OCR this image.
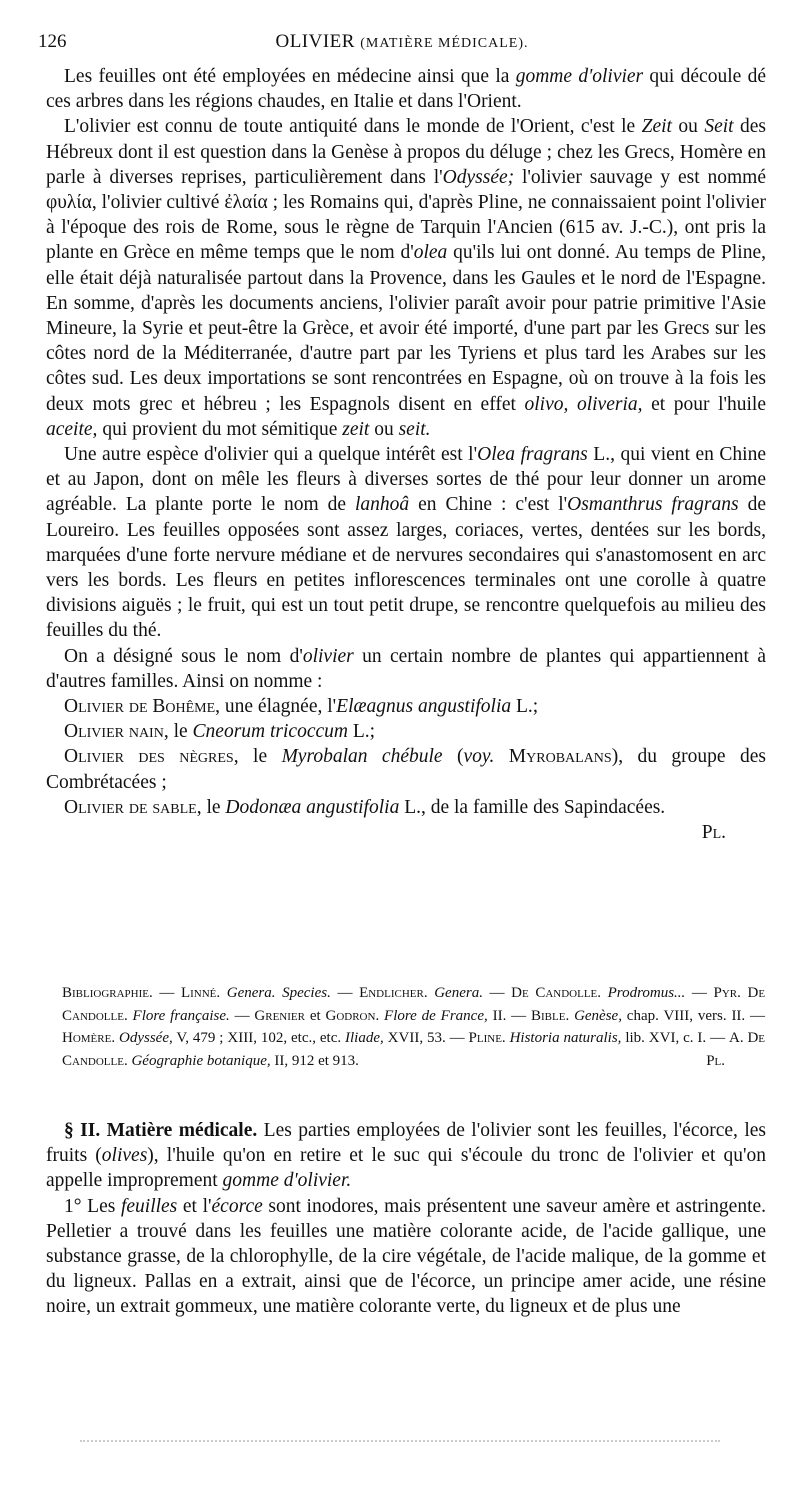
126	OLIVIER (MATIÈRE MÉDICALE).

Les feuilles ont été employées en médecine ainsi que la gomme d'olivier qui découle dé ces arbres dans les régions chaudes, en Italie et dans l'Orient.

L'olivier est connu de toute antiquité dans le monde de l'Orient, c'est le Zeit ou Seit des Hébreux dont il est question dans la Genèse à propos du déluge ; chez les Grecs, Homère en parle à diverses reprises, particulièrement dans l'Odyssée; l'olivier sauvage y est nommé φυλία, l'olivier cultivé ἐλαία ; les Romains qui, d'après Pline, ne connaissaient point l'olivier à l'époque des rois de Rome, sous le règne de Tarquin l'Ancien (615 av. J.-C.), ont pris la plante en Grèce en même temps que le nom d'olea qu'ils lui ont donné. Au temps de Pline, elle était déjà naturalisée partout dans la Provence, dans les Gaules et le nord de l'Espagne. En somme, d'après les documents anciens, l'olivier paraît avoir pour patrie primitive l'Asie Mineure, la Syrie et peut-être la Grèce, et avoir été importé, d'une part par les Grecs sur les côtes nord de la Méditerranée, d'autre part par les Tyriens et plus tard les Arabes sur les côtes sud. Les deux importations se sont rencontrées en Espagne, où on trouve à la fois les deux mots grec et hébreu ; les Espagnols disent en effet olivo, oliveria, et pour l'huile aceite, qui provient du mot sémitique zeit ou seit.

Une autre espèce d'olivier qui a quelque intérêt est l'Olea fragrans L., qui vient en Chine et au Japon, dont on mêle les fleurs à diverses sortes de thé pour leur donner un arome agréable. La plante porte le nom de lanhoâ en Chine : c'est l'Osmanthrus fragrans de Loureiro. Les feuilles opposées sont assez larges, coriaces, vertes, dentées sur les bords, marquées d'une forte nervure médiane et de nervures secondaires qui s'anastomosent en arc vers les bords. Les fleurs en petites inflorescences terminales ont une corolle à quatre divisions aiguës ; le fruit, qui est un tout petit drupe, se rencontre quelquefois au milieu des feuilles du thé.

On a désigné sous le nom d'olivier un certain nombre de plantes qui appartiennent à d'autres familles. Ainsi on nomme :

Olivier de Bohême, une élagnée, l'Elæagnus angustifolia L.;

Olivier nain, le Cneorum tricoccum L.;

Olivier des nègres, le Myrobalan chébule (voy. Myrobalans), du groupe des Combrétacées ;

Olivier de sable, le Dodonæa angustifolia L., de la famille des Sapindacées.

Pl.

Bibliographie. — Linné. Genera. Species. — Endlicher. Genera. — De Candolle. Prodromus... — Pyr. De Candolle. Flore française. — Grenier et Godron. Flore de France, II. — Bible. Genèse, chap. VIII, vers. II. — Homère. Odyssée, V, 479 ; XIII, 102, etc., etc. Iliade, XVII, 53. — Pline. Historia naturalis, lib. XVI, c. I. — A. De Candolle. Géographie botanique, II, 912 et 913.	Pl.

§ II. Matière médicale. Les parties employées de l'olivier sont les feuilles, l'écorce, les fruits (olives), l'huile qu'on en retire et le suc qui s'écoule du tronc de l'olivier et qu'on appelle improprement gomme d'olivier.

1° Les feuilles et l'écorce sont inodores, mais présentent une saveur amère et astringente. Pelletier a trouvé dans les feuilles une matière colorante acide, de l'acide gallique, une substance grasse, de la chlorophylle, de la cire végétale, de l'acide malique, de la gomme et du ligneux. Pallas en a extrait, ainsi que de l'écorce, un principe amer acide, une résine noire, un extrait gommeux, une matière colorante verte, du ligneux et de plus une
